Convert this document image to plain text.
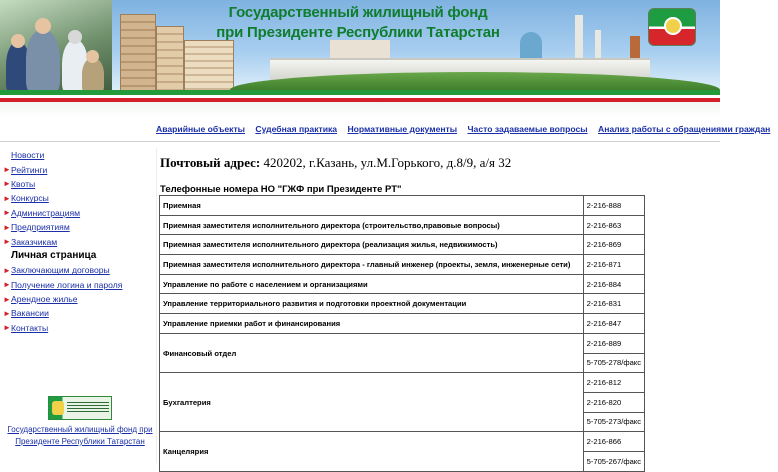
Государственный жилищный фонд
при Президенте Республики Татарстан
Аварийные объекты Судебная практика Нормативные документы Часто задаваемые вопросы Анализ работы с обращениями граждан
Новости
► Рейтинги
► Квоты
► Конкурсы
► Администрациям
► Предприятиям
► Заказчикам
Личная страница
► Заключающим договоры
► Получение логина и пароля
► Арендное жилье
► Вакансии
► Контакты
Государственный жилищный фонд при
Президенте Республики Татарстан
Почтовый адрес: 420202, г.Казань, ул.М.Горького, д.8/9, а/я 32
Телефонные номера НО "ГЖФ при Президенте РТ"
Приемная	2-216-888
Приемная заместителя исполнительного директора (строительство,правовые вопросы)	2-216-863
Приемная заместителя исполнительного директора (реализация жилья, недвижимость)	2-216-869
Приемная заместителя исполнительного директора - главный инженер (проекты, земля, инженерные сети)	2-216-871
Управление по работе с населением и организациями	2-216-884
Управление территориального развития и подготовки проектной документации	2-216-831
Управление приемки работ и финансирования	2-216-847
Финансовый отдел	2-216-889
	5-705-278/факс
Бухгалтерия	2-216-812
	2-216-820
	5-705-273/факс
Канцелярия	2-216-866
	5-705-267/факс
